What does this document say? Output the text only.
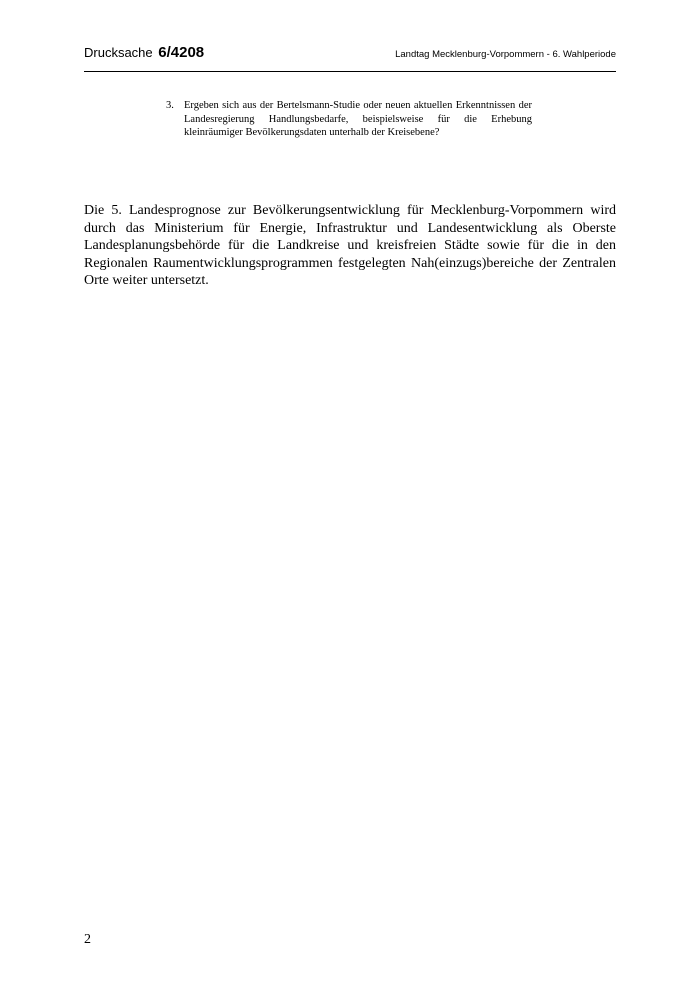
Drucksache 6/4208	Landtag Mecklenburg-Vorpommern - 6. Wahlperiode
3. Ergeben sich aus der Bertelsmann-Studie oder neuen aktuellen Erkenntnissen der Landesregierung Handlungsbedarfe, beispielsweise für die Erhebung kleinräumiger Bevölkerungsdaten unterhalb der Kreisebene?
Die 5. Landesprognose zur Bevölkerungsentwicklung für Mecklenburg-Vorpommern wird durch das Ministerium für Energie, Infrastruktur und Landesentwicklung als Oberste Landesplanungsbehörde für die Landkreise und kreisfreien Städte sowie für die in den Regionalen Raumentwicklungsprogrammen festgelegten Nah(einzugs)bereiche der Zentralen Orte weiter untersetzt.
2
